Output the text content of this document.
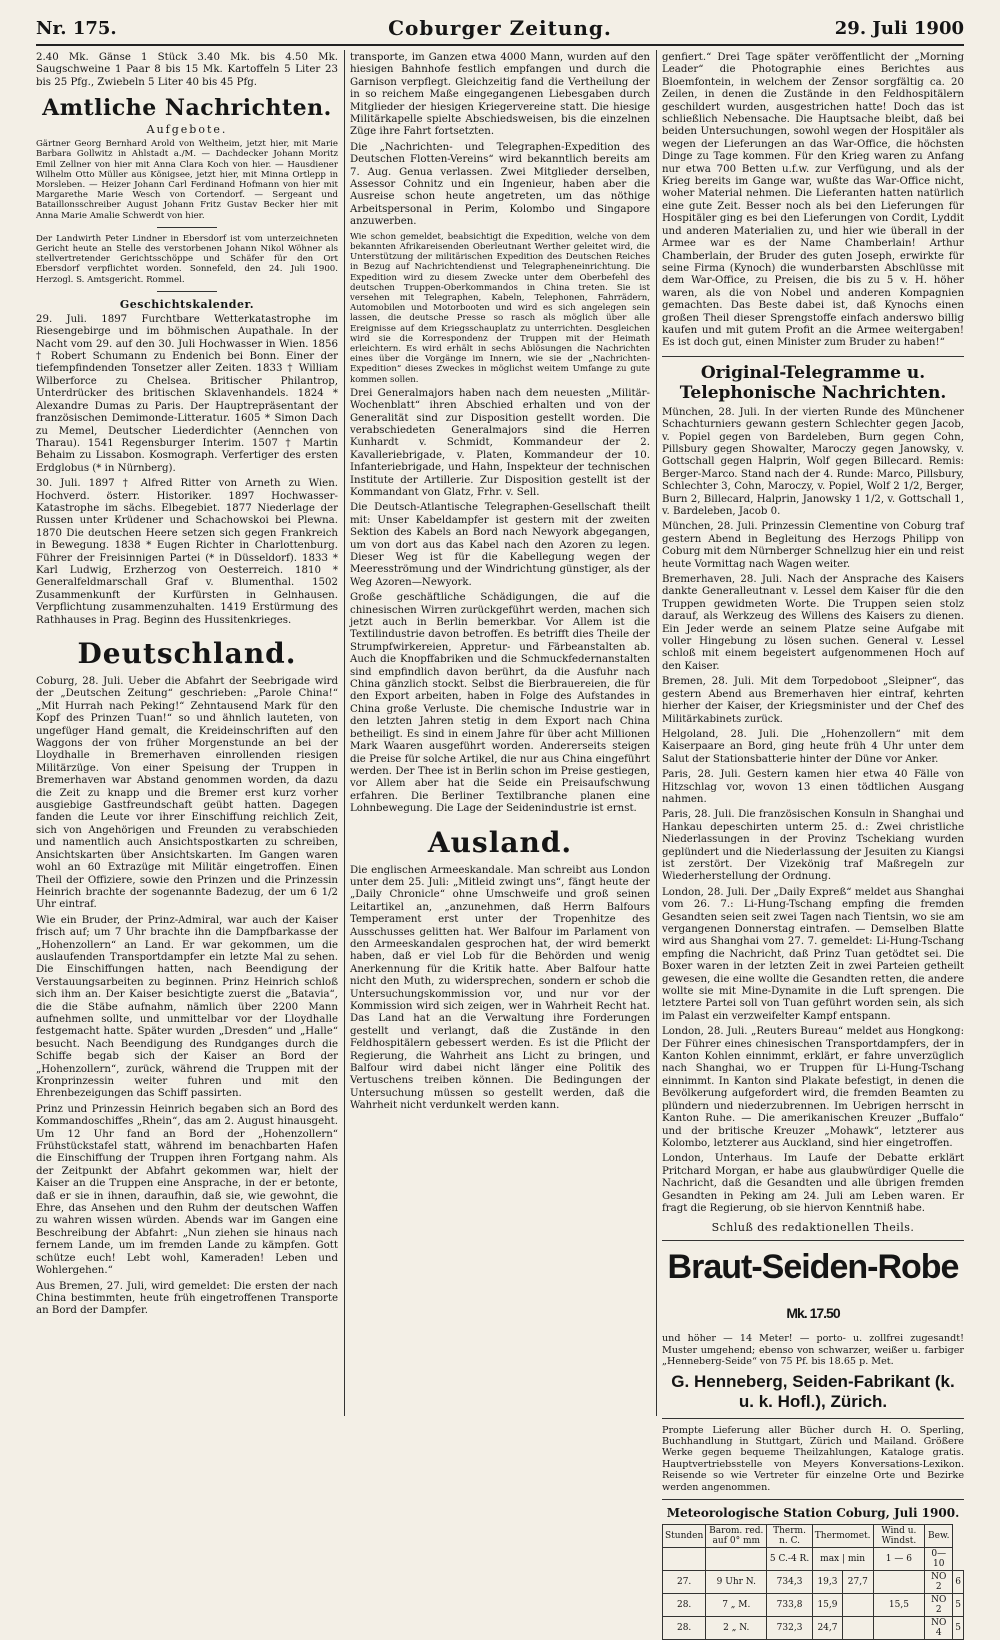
Nr. 175.	Coburger Zeitung.	29. Juli 1900

2.40 Mk. Gänse 1 Stück 3.40 Mk. bis 4.50 Mk. Saugschweine 1 Paar 8 bis 15 Mk. Kartoffeln 5 Liter 23 bis 25 Pfg., Zwiebeln 5 Liter 40 bis 45 Pfg.

Amtliche Nachrichten.
Aufgebote.

Gärtner Georg Bernhard Arold von Weltheim, jetzt hier, mit Marie Barbara Gollwitz in Ahlstadt a./M. — Dachdecker Johann Moritz Emil Zellner von hier mit Anna Clara Koch von hier. — Hausdiener Wilhelm Otto Müller aus Königsee, jetzt hier, mit Minna Ortlepp in Morsleben. — Heizer Johann Carl Ferdinand Hofmann von hier mit Margarethe Marie Wesch von Cortendorf. — Sergeant und Bataillonsschreiber August Johann Fritz Gustav Becker hier mit Anna Marie Amalie Schwerdt von hier.

Der Landwirth Peter Lindner in Ebersdorf ist vom unterzeichneten Gericht heute an Stelle des verstorbenen Johann Nikol Wöhner als stellvertretender Gerichtsschöppe und Schäfer für den Ort Ebersdorf verpflichtet worden. Sonnefeld, den 24. Juli 1900. Herzogl. S. Amtsgericht. Rommel.

Geschichtskalender.

29. Juli. 1897 Furchtbare Wetterkatastrophe im Riesengebirge und im böhmischen Aupathale. In der Nacht vom 29. auf den 30. Juli Hochwasser in Wien. 1856 † Robert Schumann zu Endenich bei Bonn. Einer der tiefempfindenden Tonsetzer aller Zeiten. 1833 † William Wilberforce zu Chelsea. Britischer Philantrop, Unterdrücker des britischen Sklavenhandels. 1824 * Alexandre Dumas zu Paris. Der Hauptrepräsentant der französischen Demimonde-Litteratur. 1605 * Simon Dach zu Memel, Deutscher Liederdichter (Aennchen von Tharau). 1541 Regensburger Interim. 1507 † Martin Behaim zu Lissabon. Kosmograph. Verfertiger des ersten Erdglobus (* in Nürnberg).

30. Juli. 1897 † Alfred Ritter von Arneth zu Wien. Hochverd. österr. Historiker. 1897 Hochwasser-Katastrophe im sächs. Elbegebiet. 1877 Niederlage der Russen unter Krüdener und Schachowskoi bei Plewna. 1870 Die deutschen Heere setzen sich gegen Frankreich in Bewegung. 1838 * Eugen Richter in Charlottenburg. Führer der Freisinnigen Partei (* in Düsseldorf). 1833 * Karl Ludwig, Erzherzog von Oesterreich. 1810 * Generalfeldmarschall Graf v. Blumenthal. 1502 Zusammenkunft der Kurfürsten in Gelnhausen. Verpflichtung zusammenzuhalten. 1419 Erstürmung des Rathhauses in Prag. Beginn des Hussitenkrieges.

Deutschland.

Coburg, 28. Juli. Ueber die Abfahrt der Seebrigade wird der „Deutschen Zeitung“ geschrieben: „Parole China!“ „Mit Hurrah nach Peking!“ Zehntausend Mark für den Kopf des Prinzen Tuan!“ so und ähnlich lauteten, von ungefüger Hand gemalt, die Kreideinschriften auf den Waggons der von früher Morgenstunde an bei der Lloydhalle in Bremerhaven einrollenden riesigen Militärzüge. Von einer Speisung der Truppen in Bremerhaven war Abstand genommen worden, da dazu die Zeit zu knapp und die Bremer erst kurz vorher ausgiebige Gastfreundschaft geübt hatten. Dagegen fanden die Leute vor ihrer Einschiffung reichlich Zeit, sich von Angehörigen und Freunden zu verabschieden und namentlich auch Ansichtspostkarten zu schreiben, Ansichtskarten über Ansichtskarten. Im Gangen waren wohl an 60 Extrazüge mit Militär eingetroffen. Einen Theil der Offiziere, sowie den Prinzen und die Prinzessin Heinrich brachte der sogenannte Badezug, der um 6 1/2 Uhr eintraf.

Wie ein Bruder, der Prinz-Admiral, war auch der Kaiser frisch auf; um 7 Uhr brachte ihn die Dampfbarkasse der „Hohenzollern“ an Land. Er war gekommen, um die auslaufenden Transportdampfer ein letzte Mal zu sehen. Die Einschiffungen hatten, nach Beendigung der Verstauungsarbeiten zu beginnen. Prinz Heinrich schloß sich ihm an. Der Kaiser besichtigte zuerst die „Batavia“, die die Stäbe aufnahm, nämlich über 2200 Mann aufnehmen sollte, und unmittelbar vor der Lloydhalle festgemacht hatte. Später wurden „Dresden“ und „Halle“ besucht. Nach Beendigung des Rundganges durch die Schiffe begab sich der Kaiser an Bord der „Hohenzollern“, zurück, während die Truppen mit der Kronprinzessin weiter fuhren und mit den Ehrenbezeigungen das Schiff passirten.

Prinz und Prinzessin Heinrich begaben sich an Bord des Kommandoschiffes „Rhein“, das am 2. August hinausgeht. Um 12 Uhr fand an Bord der „Hohenzollern“ Frühstückstafel statt, während im benachbarten Hafen die Einschiffung der Truppen ihren Fortgang nahm. Als der Zeitpunkt der Abfahrt gekommen war, hielt der Kaiser an die Truppen eine Ansprache, in der er betonte, daß er sie in ihnen, daraufhin, daß sie, wie gewohnt, die Ehre, das Ansehen und den Ruhm der deutschen Waffen zu wahren wissen würden. Abends war im Gangen eine Beschreibung der Abfahrt: „Nun ziehen sie hinaus nach fernem Lande, um im fremden Lande zu kämpfen. Gott schütze euch! Lebt wohl, Kameraden! Leben und Wohlergehen.“

Aus Bremen, 27. Juli, wird gemeldet: Die ersten der nach China bestimmten, heute früh eingetroffenen Transporte an Bord der Dampfer.

transporte, im Ganzen etwa 4000 Mann, wurden auf den hiesigen Bahnhofe festlich empfangen und durch die Garnison verpflegt. Gleichzeitig fand die Vertheilung der in so reichem Maße eingegangenen Liebesgaben durch Mitglieder der hiesigen Kriegervereine statt. Die hiesige Militärkapelle spielte Abschiedsweisen, bis die einzelnen Züge ihre Fahrt fortsetzten.

Die „Nachrichten- und Telegraphen-Expedition des Deutschen Flotten-Vereins“ wird bekanntlich bereits am 7. Aug. Genua verlassen. Zwei Mitglieder derselben, Assessor Cohnitz und ein Ingenieur, haben aber die Ausreise schon heute angetreten, um das nöthige Arbeitspersonal in Perim, Kolombo und Singapore anzuwerben.

Wie schon gemeldet, beabsichtigt die Expedition, welche von dem bekannten Afrikareisenden Oberleutnant Werther geleitet wird, die Unterstützung der militärischen Expedition des Deutschen Reiches in Bezug auf Nachrichtendienst und Telegrapheneinrichtung. Die Expedition wird zu diesem Zwecke unter dem Oberbefehl des deutschen Truppen-Oberkommandos in China treten. Sie ist versehen mit Telegraphen, Kabeln, Telephonen, Fahrrädern, Automobilen und Motorbooten und wird es sich angelegen sein lassen, die deutsche Presse so rasch als möglich über alle Ereignisse auf dem Kriegsschauplatz zu unterrichten. Desgleichen wird sie die Korrespondenz der Truppen mit der Heimath erleichtern. Es wird erhält in sechs Ablösungen die Nachrichten eines über die Vorgänge im Innern, wie sie der „Nachrichten-Expedition“ dieses Zweckes in möglichst weitem Umfange zu gute kommen sollen.

Drei Generalmajors haben nach dem neuesten „Militär-Wochenblatt“ ihren Abschied erhalten und von der Generalität sind zur Disposition gestellt worden. Die verabschiedeten Generalmajors sind die Herren Kunhardt v. Schmidt, Kommandeur der 2. Kavalleriebrigade, v. Platen, Kommandeur der 10. Infanteriebrigade, und Hahn, Inspekteur der technischen Institute der Artillerie. Zur Disposition gestellt ist der Kommandant von Glatz, Frhr. v. Sell.

Die Deutsch-Atlantische Telegraphen-Gesellschaft theilt mit: Unser Kabeldampfer ist gestern mit der zweiten Sektion des Kabels an Bord nach Newyork abgegangen, um von dort aus das Kabel nach den Azoren zu legen. Dieser Weg ist für die Kabellegung wegen der Meeresströmung und der Windrichtung günstiger, als der Weg Azoren—Newyork.

Große geschäftliche Schädigungen, die auf die chinesischen Wirren zurückgeführt werden, machen sich jetzt auch in Berlin bemerkbar. Vor Allem ist die Textilindustrie davon betroffen. Es betrifft dies Theile der Strumpfwirkereien, Appretur- und Färbeanstalten ab. Auch die Knopffabriken und die Schmuckfedernanstalten sind empfindlich davon berührt, da die Ausfuhr nach China gänzlich stockt. Selbst die Bierbrauereien, die für den Export arbeiten, haben in Folge des Aufstandes in China große Verluste. Die chemische Industrie war in den letzten Jahren stetig in dem Export nach China betheiligt. Es sind in einem Jahre für über acht Millionen Mark Waaren ausgeführt worden. Andererseits steigen die Preise für solche Artikel, die nur aus China eingeführt werden. Der Thee ist in Berlin schon im Preise gestiegen, vor Allem aber hat die Seide ein Preisaufschwung erfahren. Die Berliner Textilbranche planen eine Lohnbewegung. Die Lage der Seidenindustrie ist ernst.

Ausland.

Die englischen Armeeskandale. Man schreibt aus London unter dem 25. Juli: „Mitleid zwingt uns“, fängt heute der „Daily Chronicle“ ohne Umschweife und groß seinen Leitartikel an, „anzunehmen, daß Herrn Balfours Temperament erst unter der Tropenhitze des Ausschusses gelitten hat. Wer Balfour im Parlament von den Armeeskandalen gesprochen hat, der wird bemerkt haben, daß er viel Lob für die Behörden und wenig Anerkennung für die Kritik hatte. Aber Balfour hatte nicht den Muth, zu widersprechen, sondern er schob die Untersuchungskommission vor, und nur vor der Kommission wird sich zeigen, wer in Wahrheit Recht hat. Das Land hat an die Verwaltung ihre Forderungen gestellt und verlangt, daß die Zustände in den Feldhospitälern gebessert werden. Es ist die Pflicht der Regierung, die Wahrheit ans Licht zu bringen, und Balfour wird dabei nicht länger eine Politik des Vertuschens treiben können. Die Bedingungen der Untersuchung müssen so gestellt werden, daß die Wahrheit nicht verdunkelt werden kann.

genfiert.“ Drei Tage später veröffentlicht der „Morning Leader“ die Photographie eines Berichtes aus Bloemfontein, in welchem der Zensor sorgfältig ca. 20 Zeilen, in denen die Zustände in den Feldhospitälern geschildert wurden, ausgestrichen hatte! Doch das ist schließlich Nebensache. Die Hauptsache bleibt, daß bei beiden Untersuchungen, sowohl wegen der Hospitäler als wegen der Lieferungen an das War-Office, die höchsten Dinge zu Tage kommen. Für den Krieg waren zu Anfang nur etwa 700 Betten u.f.w. zur Verfügung, und als der Krieg bereits im Gange war, wußte das War-Office nicht, woher Material nehmen. Die Lieferanten hatten natürlich eine gute Zeit. Besser noch als bei den Lieferungen für Hospitäler ging es bei den Lieferungen von Cordit, Lyddit und anderen Materialien zu, und hier wie überall in der Armee war es der Name Chamberlain! Arthur Chamberlain, der Bruder des guten Joseph, erwirkte für seine Firma (Kynoch) die wunderbarsten Abschlüsse mit dem War-Office, zu Preisen, die bis zu 5 v. H. höher waren, als die von Nobel und anderen Kompagnien gemachten. Das Beste dabei ist, daß Kynochs einen großen Theil dieser Sprengstoffe einfach anderswo billig kaufen und mit gutem Profit an die Armee weitergaben! Es ist doch gut, einen Minister zum Bruder zu haben!“

Original-Telegramme u. Telephonische Nachrichten.

München, 28. Juli. In der vierten Runde des Münchener Schachturniers gewann gestern Schlechter gegen Jacob, v. Popiel gegen von Bardeleben, Burn gegen Cohn, Pillsbury gegen Showalter, Maroczy gegen Janowsky, v. Gottschall gegen Halprin, Wolf gegen Billecard. Remis: Berger-Marco. Stand nach der 4. Runde: Marco, Pillsbury, Schlechter 3, Cohn, Maroczy, v. Popiel, Wolf 2 1/2, Berger, Burn 2, Billecard, Halprin, Janowsky 1 1/2, v. Gottschall 1, v. Bardeleben, Jacob 0.

München, 28. Juli. Prinzessin Clementine von Coburg traf gestern Abend in Begleitung des Herzogs Philipp von Coburg mit dem Nürnberger Schnellzug hier ein und reist heute Vormittag nach Wagen weiter.

Bremerhaven, 28. Juli. Nach der Ansprache des Kaisers dankte Generalleutnant v. Lessel dem Kaiser für die den Truppen gewidmeten Worte. Die Truppen seien stolz darauf, als Werkzeug des Willens des Kaisers zu dienen. Ein Jeder werde an seinem Platze seine Aufgabe mit voller Hingebung zu lösen suchen. General v. Lessel schloß mit einem begeistert aufgenommenen Hoch auf den Kaiser.

Bremen, 28. Juli. Mit dem Torpedoboot „Sleipner“, das gestern Abend aus Bremerhaven hier eintraf, kehrten hierher der Kaiser, der Kriegsminister und der Chef des Militärkabinets zurück.

Helgoland, 28. Juli. Die „Hohenzollern“ mit dem Kaiserpaare an Bord, ging heute früh 4 Uhr unter dem Salut der Stationsbatterie hinter der Düne vor Anker.

Paris, 28. Juli. Gestern kamen hier etwa 40 Fälle von Hitzschlag vor, wovon 13 einen tödtlichen Ausgang nahmen.

Paris, 28. Juli. Die französischen Konsuln in Shanghai und Hankau depeschirten unterm 25. d.: Zwei christliche Niederlassungen in der Provinz Tschekiang wurden geplündert und die Niederlassung der Jesuiten zu Kiangsi ist zerstört. Der Vizekönig traf Maßregeln zur Wiederherstellung der Ordnung.

London, 28. Juli. Der „Daily Expreß“ meldet aus Shanghai vom 26. 7.: Li-Hung-Tschang empfing die fremden Gesandten seien seit zwei Tagen nach Tientsin, wo sie am vergangenen Donnerstag eintrafen. — Demselben Blatte wird aus Shanghai vom 27. 7. gemeldet: Li-Hung-Tschang empfing die Nachricht, daß Prinz Tuan getödtet sei. Die Boxer waren in der letzten Zeit in zwei Parteien getheilt gewesen, die eine wollte die Gesandten retten, die andere wollte sie mit Mine-Dynamite in die Luft sprengen. Die letztere Partei soll von Tuan geführt worden sein, als sich im Palast ein verzweifelter Kampf entspann.

London, 28. Juli. „Reuters Bureau“ meldet aus Hongkong: Der Führer eines chinesischen Transportdampfers, der in Kanton Kohlen einnimmt, erklärt, er fahre unverzüglich nach Shanghai, wo er Truppen für Li-Hung-Tschang einnimmt. In Kanton sind Plakate befestigt, in denen die Bevölkerung aufgefordert wird, die fremden Beamten zu plündern und niederzubrennen. Im Uebrigen herrscht in Kanton Ruhe. — Die amerikanischen Kreuzer „Buffalo“ und der britische Kreuzer „Mohawk“, letzterer aus Kolombo, letzterer aus Auckland, sind hier eingetroffen.

London, Unterhaus. Im Laufe der Debatte erklärt Pritchard Morgan, er habe aus glaubwürdiger Quelle die Nachricht, daß die Gesandten und alle übrigen fremden Gesandten in Peking am 24. Juli am Leben waren. Er fragt die Regierung, ob sie hiervon Kenntniß habe.

Schluß des redaktionellen Theils.
Braut-Seiden-Robe Mk. 17.50

und höher — 14 Meter! — porto- u. zollfrei zugesandt! Muster umgehend; ebenso von schwarzer, weißer u. farbiger „Henneberg-Seide“ von 75 Pf. bis 18.65 p. Met.

G. Henneberg, Seiden-Fabrikant (k. u. k. Hofl.), Zürich.

Prompte Lieferung aller Bücher durch H. O. Sperling, Buchhandlung in Stuttgart, Zürich und Mailand. Größere Werke gegen bequeme Theilzahlungen, Kataloge gratis. Hauptvertriebsstelle von Meyers Konversations-Lexikon. Reisende so wie Vertreter für einzelne Orte und Bezirke werden angenommen.

Meteorologische Station Coburg, Juli 1900.
Stunden	Barom. red. auf 0° mm	Therm. n. C.	Thermomet.		Wind u. Windst.	Bew.	
		5 C.-4 R.	max | min		1 — 6	0—10	
27.	9 Uhr N.	734,3	19,3	27,7		NO 2	6
28.	7 „ M.	733,8	15,9		15,5	NO 2	5
28.	2 „ N.	732,3	24,7			NO 4	5
